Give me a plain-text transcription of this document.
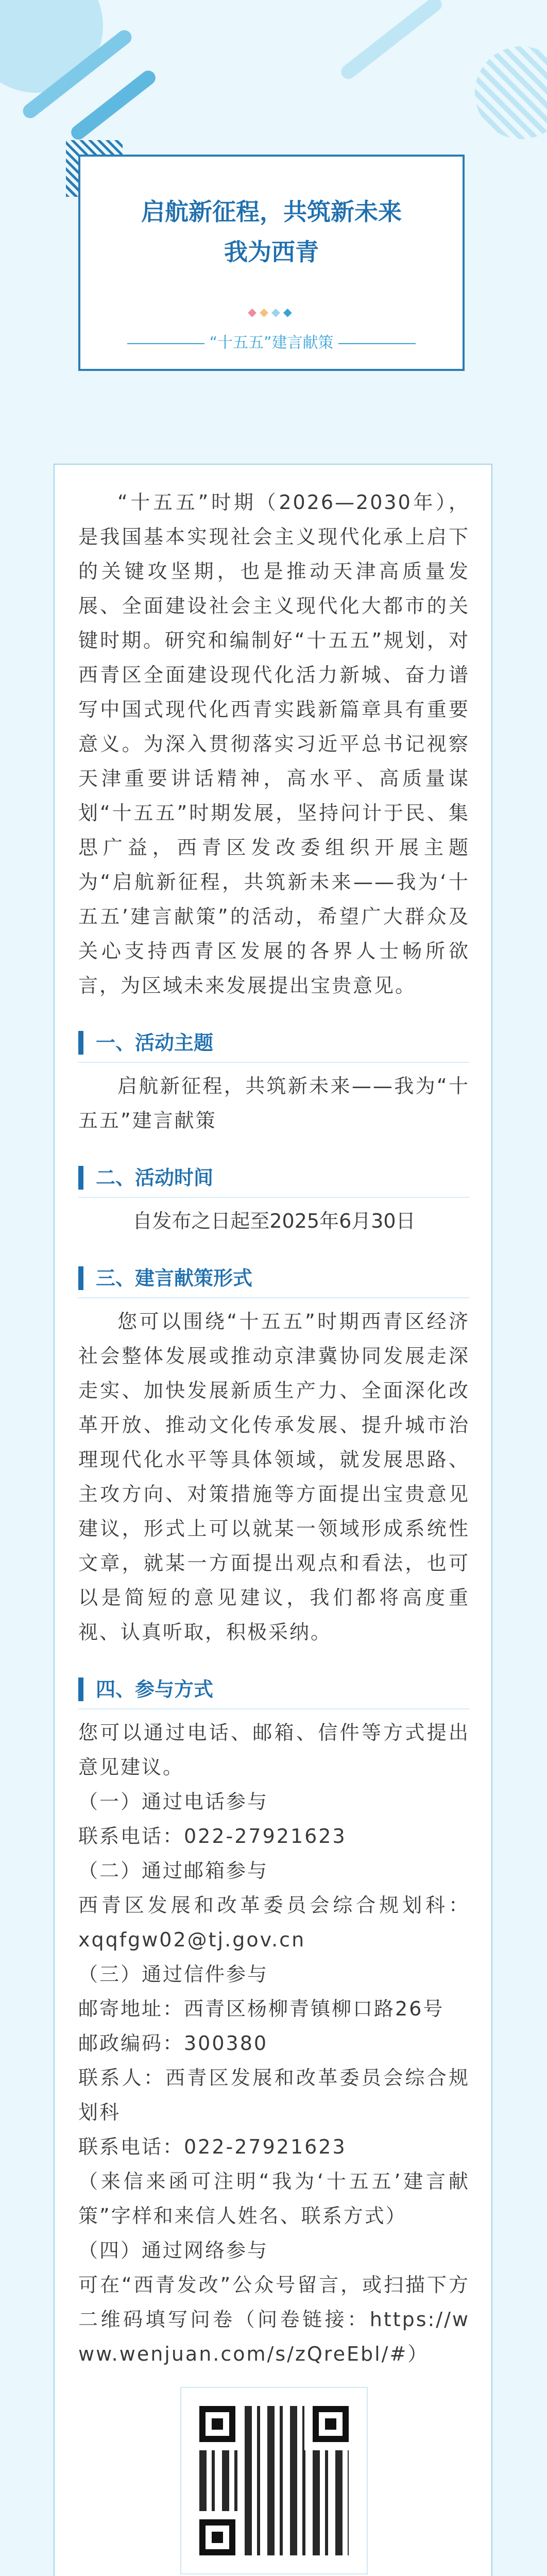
启航新征程，共筑新未来
我为西青
◆◆◆◆
“十五五”建言献策

“十五五”时期（2026—2030年），是我国基本实现社会主义现代化承上启下的关键攻坚期，也是推动天津高质量发展、全面建设社会主义现代化大都市的关键时期。研究和编制好“十五五”规划，对西青区全面建设现代化活力新城、奋力谱写中国式现代化西青实践新篇章具有重要意义。为深入贯彻落实习近平总书记视察天津重要讲话精神，高水平、高质量谋划“十五五”时期发展，坚持问计于民、集思广益，西青区发改委组织开展主题为“启航新征程，共筑新未来——我为‘十五五’建言献策”的活动，希望广大群众及关心支持西青区发展的各界人士畅所欲言，为区域未来发展提出宝贵意见。

一、活动主题

启航新征程，共筑新未来——我为“十五五”建言献策

二、活动时间
自发布之日起至2025年6月30日
三、建言献策形式

您可以围绕“十五五”时期西青区经济社会整体发展或推动京津冀协同发展走深走实、加快发展新质生产力、全面深化改革开放、推动文化传承发展、提升城市治理现代化水平等具体领域，就发展思路、主攻方向、对策措施等方面提出宝贵意见建议，形式上可以就某一领域形成系统性文章，就某一方面提出观点和看法，也可以是简短的意见建议，我们都将高度重视、认真听取，积极采纳。

四、参与方式

您可以通过电话、邮箱、信件等方式提出意见建议。

（一）通过电话参与

联系电话：022-27921623

（二）通过邮箱参与

西青区发展和改革委员会综合规划科：xqqfgw02@tj.gov.cn

（三）通过信件参与

邮寄地址：西青区杨柳青镇柳口路26号

邮政编码：300380

联系人：西青区发展和改革委员会综合规划科

联系电话：022-27921623

（来信来函可注明“我为‘十五五’建言献策”字样和来信人姓名、联系方式）

（四）通过网络参与

可在“西青发改”公众号留言，或扫描下方二维码填写问卷（问卷链接：https://www.wenjuan.com/s/zQreEbl/#）
